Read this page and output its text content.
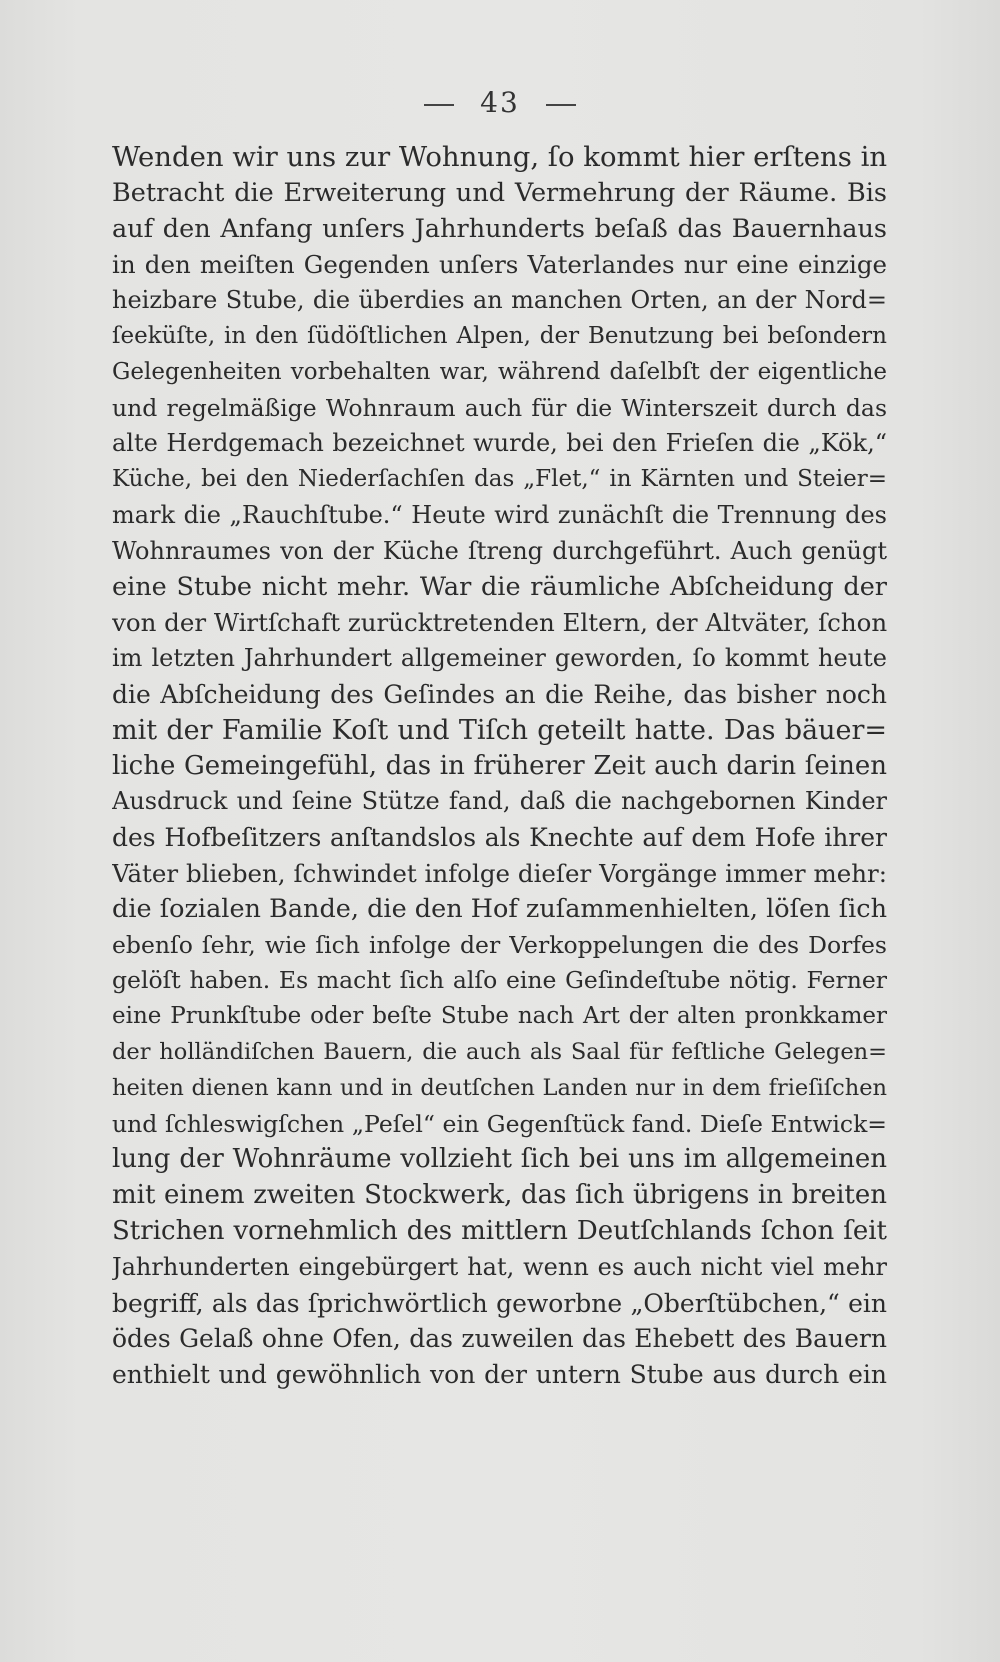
43
Wenden wir uns zur Wohnung, ſo kommt hier erſtens in
Betracht die Erweiterung und Vermehrung der Räume. Bis
auf den Anfang unſers Jahrhunderts beſaß das Bauernhaus
in den meiſten Gegenden unſers Vaterlandes nur eine einzige
heizbare Stube, die überdies an manchen Orten, an der Nord=
ſeeküſte, in den ſüdöſtlichen Alpen, der Benutzung bei beſondern
Gelegenheiten vorbehalten war, während daſelbſt der eigentliche
und regelmäßige Wohnraum auch für die Winterszeit durch das
alte Herdgemach bezeichnet wurde, bei den Frieſen die „Kök,“
Küche, bei den Niederſachſen das „Flet,“ in Kärnten und Steier=
mark die „Rauchſtube.“ Heute wird zunächſt die Trennung des
Wohnraumes von der Küche ſtreng durchgeführt. Auch genügt
eine Stube nicht mehr. War die räumliche Abſcheidung der
von der Wirtſchaft zurücktretenden Eltern, der Altväter, ſchon
im letzten Jahrhundert allgemeiner geworden, ſo kommt heute
die Abſcheidung des Geſindes an die Reihe, das bisher noch
mit der Familie Koſt und Tiſch geteilt hatte. Das bäuer=
liche Gemeingefühl, das in früherer Zeit auch darin ſeinen
Ausdruck und ſeine Stütze fand, daß die nachgebornen Kinder
des Hofbeſitzers anſtandslos als Knechte auf dem Hofe ihrer
Väter blieben, ſchwindet infolge dieſer Vorgänge immer mehr:
die ſozialen Bande, die den Hof zuſammenhielten, löſen ſich
ebenſo ſehr, wie ſich infolge der Verkoppelungen die des Dorfes
gelöſt haben. Es macht ſich alſo eine Geſindeſtube nötig. Ferner
eine Prunkſtube oder beſte Stube nach Art der alten pronkkamer
der holländiſchen Bauern, die auch als Saal für feſtliche Gelegen=
heiten dienen kann und in deutſchen Landen nur in dem frieſiſchen
und ſchleswigſchen „Peſel“ ein Gegenſtück fand. Dieſe Entwick=
lung der Wohnräume vollzieht ſich bei uns im allgemeinen
mit einem zweiten Stockwerk, das ſich übrigens in breiten
Strichen vornehmlich des mittlern Deutſchlands ſchon ſeit
Jahrhunderten eingebürgert hat, wenn es auch nicht viel mehr
begriff, als das ſprichwörtlich geworbne „Oberſtübchen,“ ein
ödes Gelaß ohne Ofen, das zuweilen das Ehebett des Bauern
enthielt und gewöhnlich von der untern Stube aus durch ein
